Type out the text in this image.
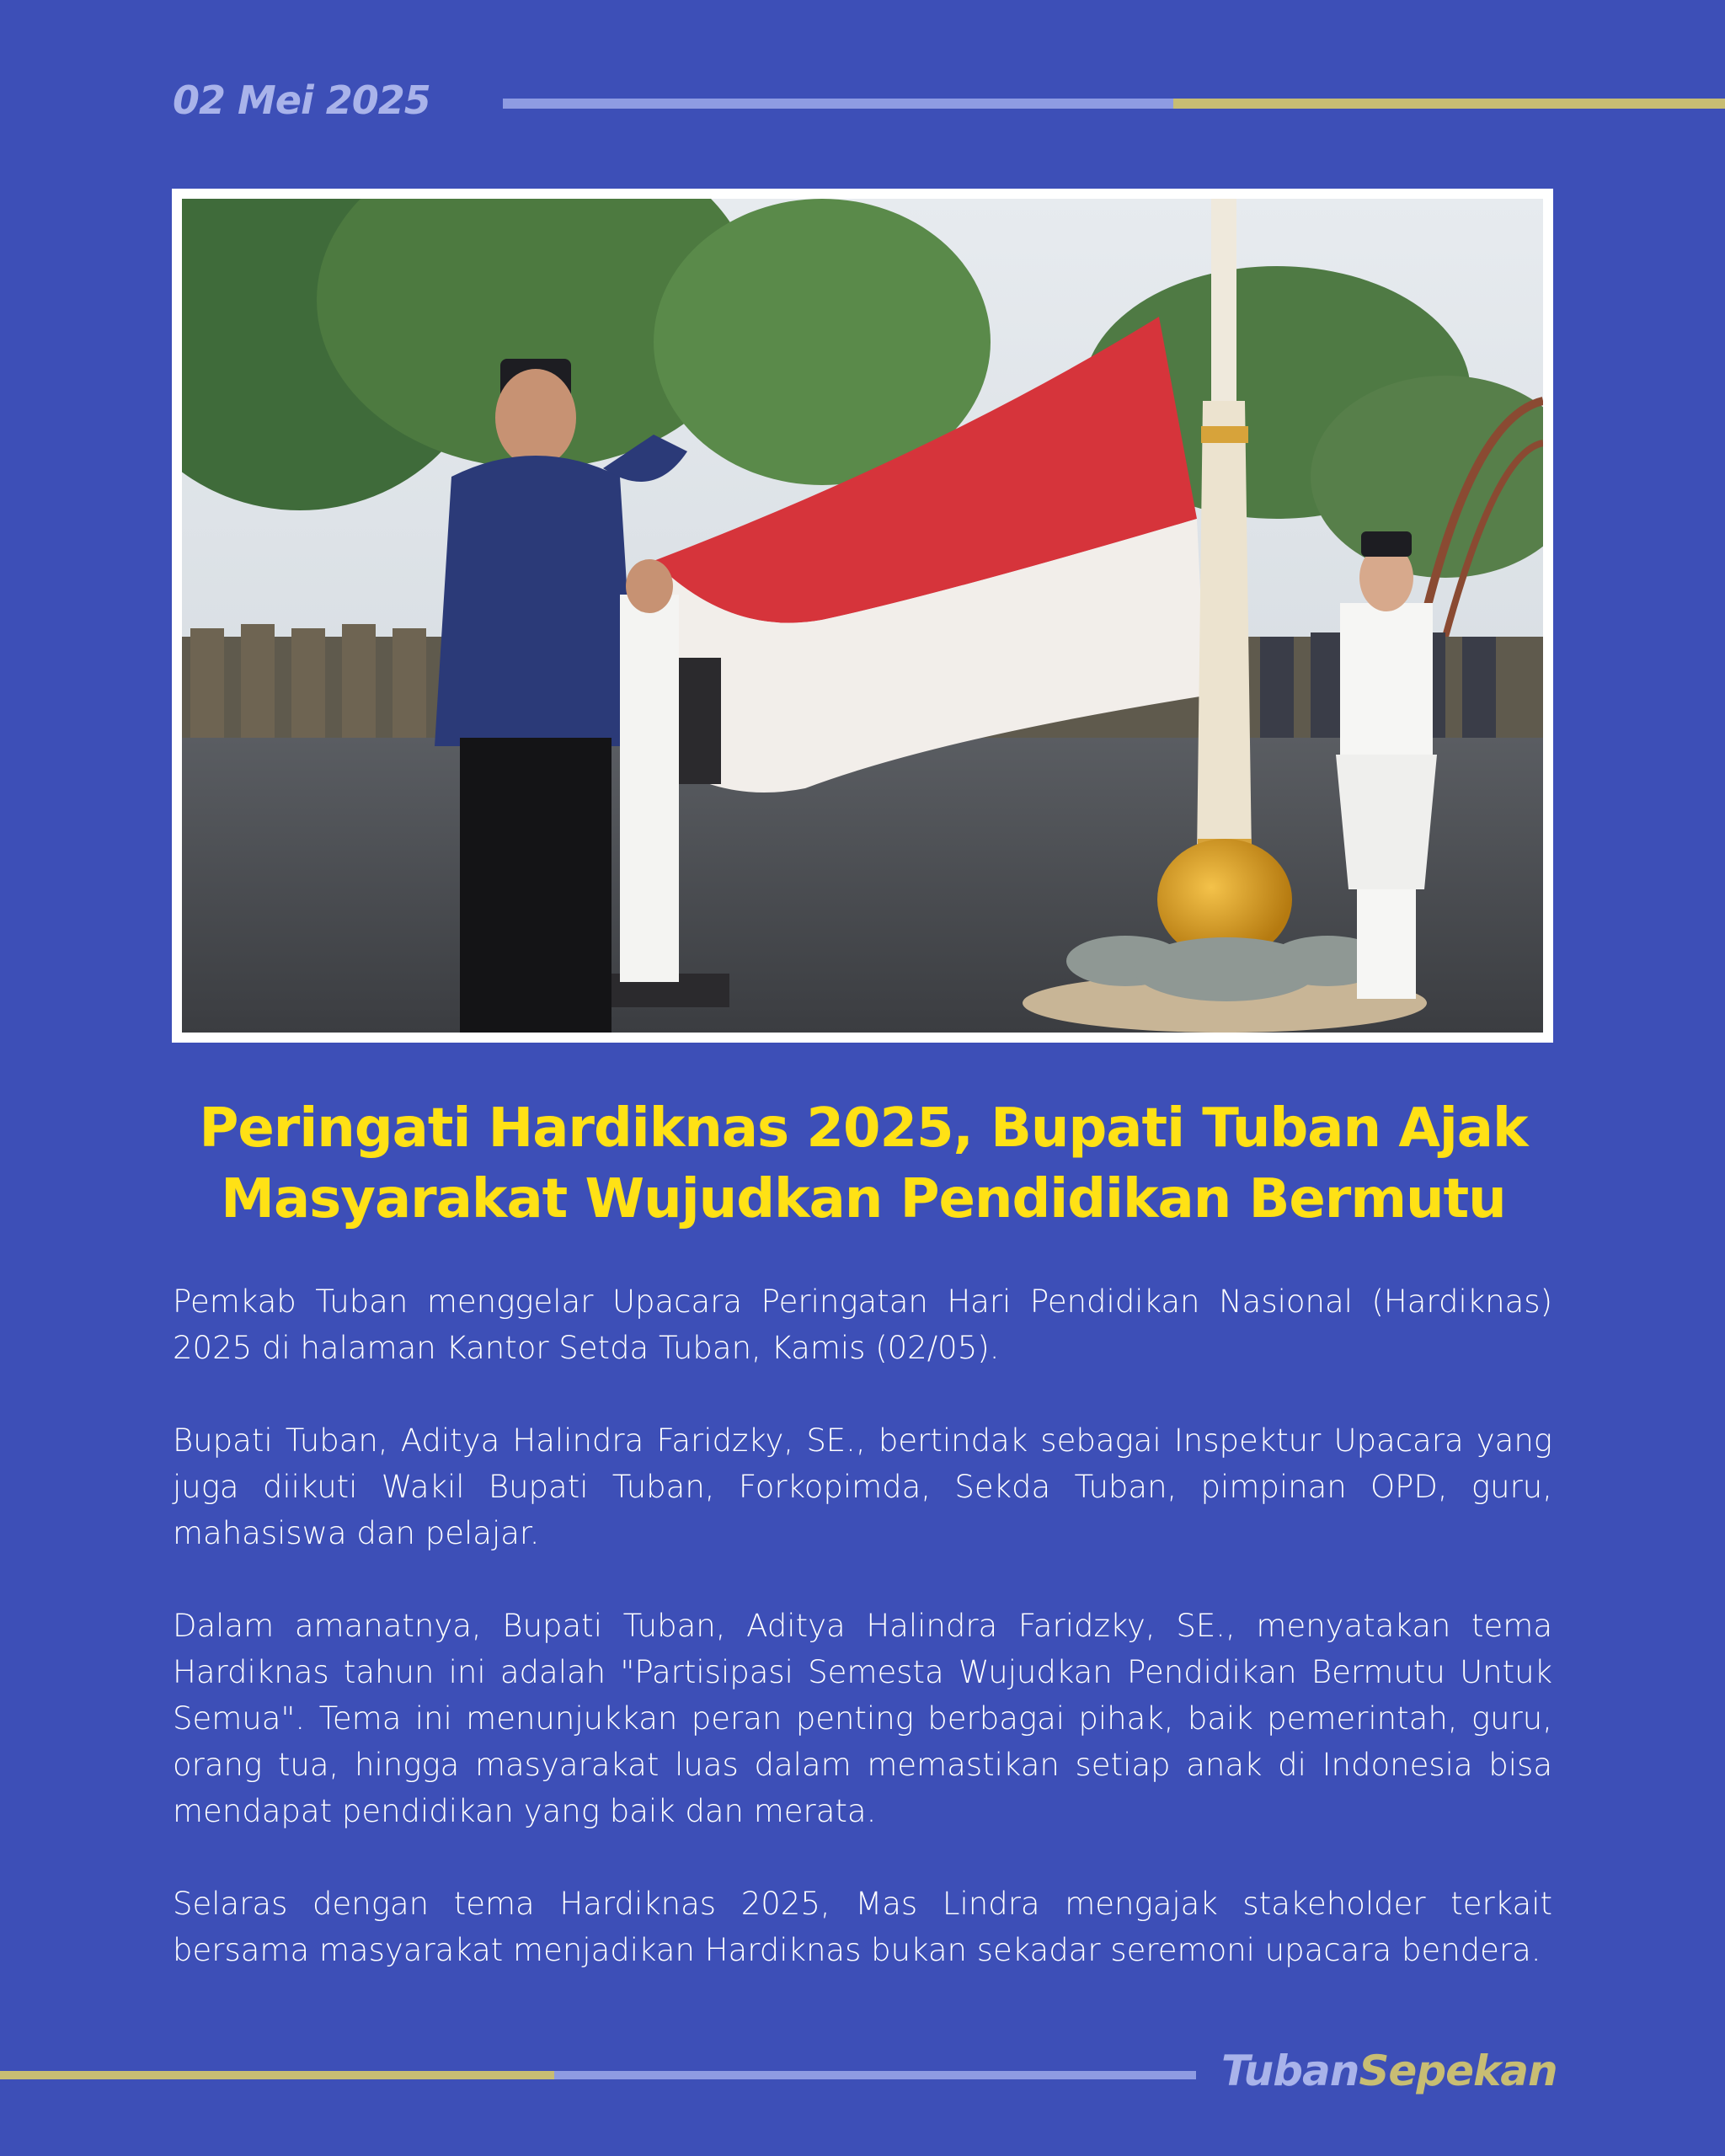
02 Mei 2025
Peringati Hardiknas 2025, Bupati Tuban Ajak Masyarakat Wujudkan Pendidikan Bermutu

Pemkab Tuban menggelar Upacara Peringatan Hari Pendidikan Nasional (Hardiknas) 2025 di halaman Kantor Setda Tuban, Kamis (02/05).

Bupati Tuban, Aditya Halindra Faridzky, SE., bertindak sebagai Inspektur Upacara yang juga diikuti Wakil Bupati Tuban, Forkopimda, Sekda Tuban, pimpinan OPD, guru, mahasiswa dan pelajar.

Dalam amanatnya, Bupati Tuban, Aditya Halindra Faridzky, SE., menyatakan tema Hardiknas tahun ini adalah "Partisipasi Semesta Wujudkan Pendidikan Bermutu Untuk Semua". Tema ini menunjukkan peran penting berbagai pihak, baik pemerintah, guru, orang tua, hingga masyarakat luas dalam memastikan setiap anak di Indonesia bisa mendapat pendidikan yang baik dan merata.

Selaras dengan tema Hardiknas 2025, Mas Lindra mengajak stakeholder terkait bersama masyarakat menjadikan Hardiknas bukan sekadar seremoni upacara bendera.

TubanSepekan
